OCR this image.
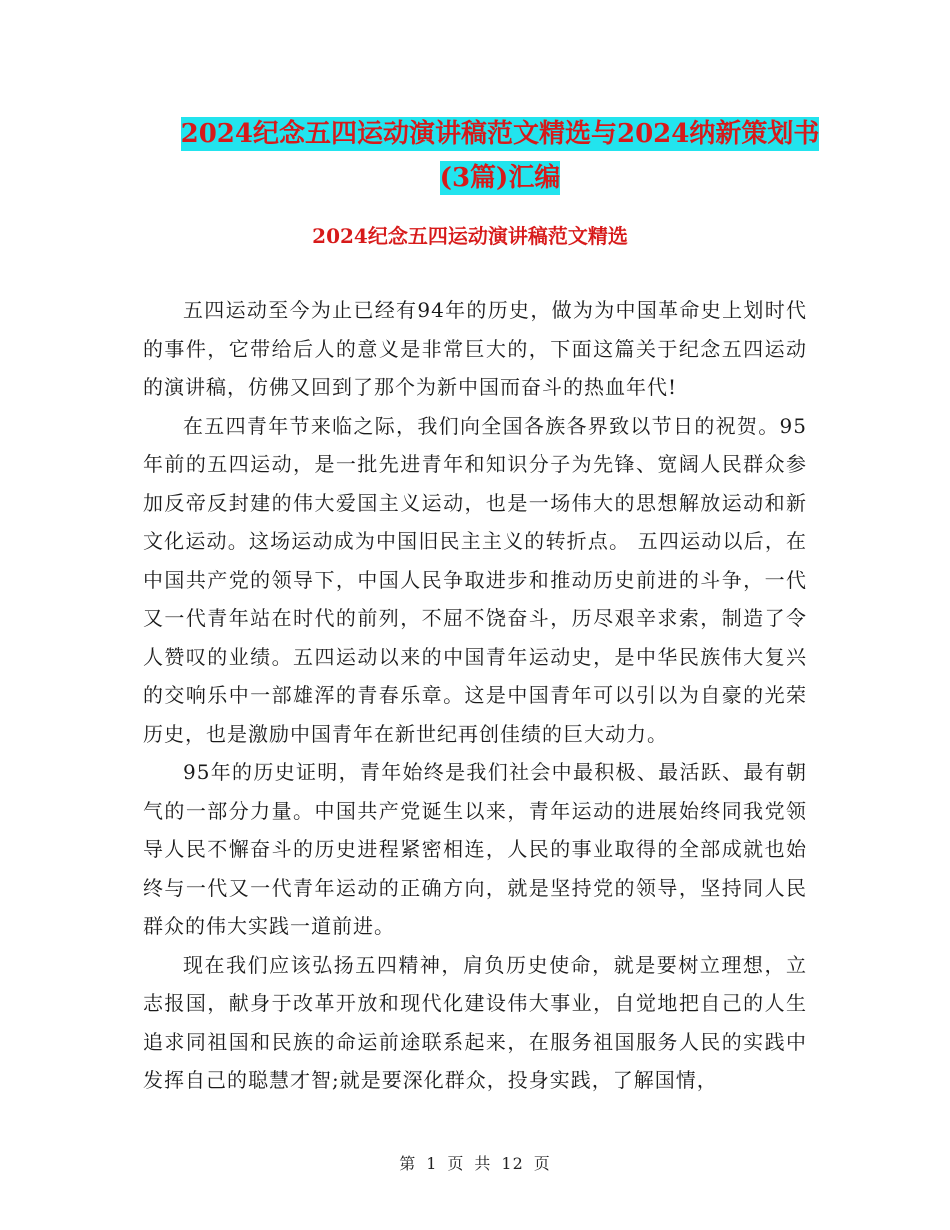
2024纪念五四运动演讲稿范文精选与2024纳新策划书
(3篇)汇编
2024纪念五四运动演讲稿范文精选

五四运动至今为止已经有94年的历史，做为为中国革命史上划时代的事件，它带给后人的意义是非常巨大的，下面这篇关于纪念五四运动的演讲稿，仿佛又回到了那个为新中国而奋斗的热血年代!

在五四青年节来临之际，我们向全国各族各界致以节日的祝贺。95年前的五四运动，是一批先进青年和知识分子为先锋、宽阔人民群众参加反帝反封建的伟大爱国主义运动，也是一场伟大的思想解放运动和新文化运动。这场运动成为中国旧民主主义的转折点。 五四运动以后，在中国共产党的领导下，中国人民争取进步和推动历史前进的斗争，一代又一代青年站在时代的前列，不屈不饶奋斗，历尽艰辛求索，制造了令人赞叹的业绩。五四运动以来的中国青年运动史，是中华民族伟大复兴的交响乐中一部雄浑的青春乐章。这是中国青年可以引以为自豪的光荣历史，也是激励中国青年在新世纪再创佳绩的巨大动力。

95年的历史证明，青年始终是我们社会中最积极、最活跃、最有朝气的一部分力量。中国共产党诞生以来，青年运动的进展始终同我党领导人民不懈奋斗的历史进程紧密相连，人民的事业取得的全部成就也始终与一代又一代青年运动的正确方向，就是坚持党的领导，坚持同人民群众的伟大实践一道前进。

现在我们应该弘扬五四精神，肩负历史使命，就是要树立理想，立志报国，献身于改革开放和现代化建设伟大事业，自觉地把自己的人生追求同祖国和民族的命运前途联系起来，在服务祖国服务人民的实践中发挥自己的聪慧才智;就是要深化群众，投身实践，了解国情，

第 1 页 共 12 页
